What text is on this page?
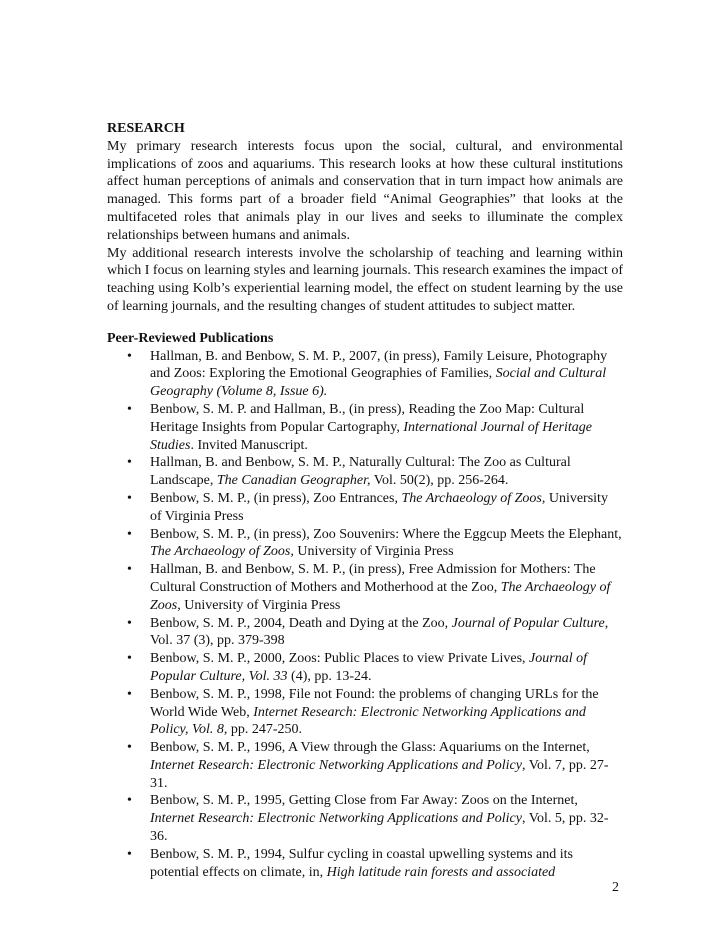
RESEARCH

My primary research interests focus upon the social, cultural, and environmental implications of zoos and aquariums. This research looks at how these cultural institutions affect human perceptions of animals and conservation that in turn impact how animals are managed. This forms part of a broader field “Animal Geographies” that looks at the multifaceted roles that animals play in our lives and seeks to illuminate the complex relationships between humans and animals.

My additional research interests involve the scholarship of teaching and learning within which I focus on learning styles and learning journals. This research examines the impact of teaching using Kolb’s experiential learning model, the effect on student learning by the use of learning journals, and the resulting changes of student attitudes to subject matter.

Peer-Reviewed Publications
• Hallman, B. and Benbow, S. M. P., 2007, (in press), Family Leisure, Photography and Zoos: Exploring the Emotional Geographies of Families, Social and Cultural Geography (Volume 8, Issue 6).
• Benbow, S. M. P. and Hallman, B., (in press), Reading the Zoo Map: Cultural Heritage Insights from Popular Cartography, International Journal of Heritage Studies. Invited Manuscript.
• Hallman, B. and Benbow, S. M. P., Naturally Cultural: The Zoo as Cultural Landscape, The Canadian Geographer, Vol. 50(2), pp. 256-264.
• Benbow, S. M. P., (in press), Zoo Entrances, The Archaeology of Zoos, University of Virginia Press
• Benbow, S. M. P., (in press), Zoo Souvenirs: Where the Eggcup Meets the Elephant, The Archaeology of Zoos, University of Virginia Press
• Hallman, B. and Benbow, S. M. P., (in press), Free Admission for Mothers: The Cultural Construction of Mothers and Motherhood at the Zoo, The Archaeology of Zoos, University of Virginia Press
• Benbow, S. M. P., 2004, Death and Dying at the Zoo, Journal of Popular Culture, Vol. 37 (3), pp. 379-398
• Benbow, S. M. P., 2000, Zoos: Public Places to view Private Lives, Journal of Popular Culture, Vol. 33 (4), pp. 13-24.
• Benbow, S. M. P., 1998, File not Found: the problems of changing URLs for the World Wide Web, Internet Research: Electronic Networking Applications and Policy, Vol. 8, pp. 247-250.
• Benbow, S. M. P., 1996, A View through the Glass: Aquariums on the Internet, Internet Research: Electronic Networking Applications and Policy, Vol. 7, pp. 27-31.
• Benbow, S. M. P., 1995, Getting Close from Far Away: Zoos on the Internet, Internet Research: Electronic Networking Applications and Policy, Vol. 5, pp. 32-36.
• Benbow, S. M. P., 1994, Sulfur cycling in coastal upwelling systems and its potential effects on climate, in, High latitude rain forests and associated
2
